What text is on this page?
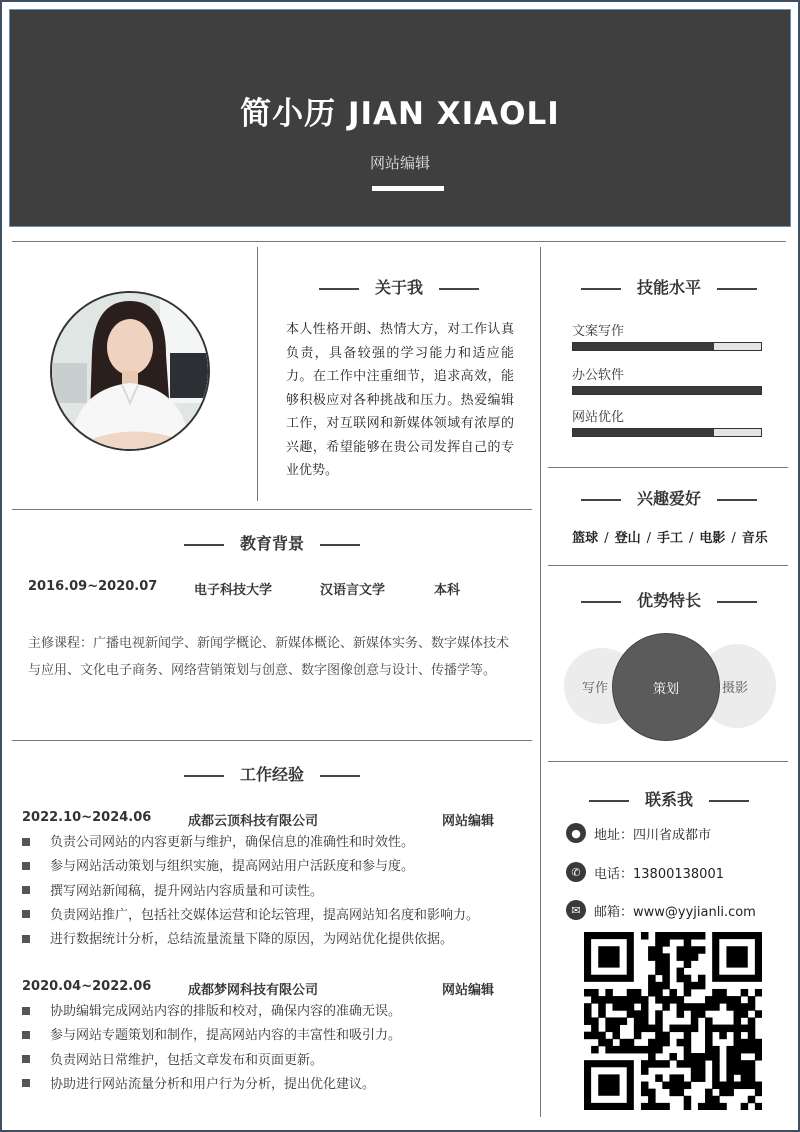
简小历 JIAN XIAOLI
网站编辑
关于我
本人性格开朗、热情大方，对工作认真负责，具备较强的学习能力和适应能力。在工作中注重细节，追求高效，能够积极应对各种挑战和压力。热爱编辑工作，对互联网和新媒体领域有浓厚的兴趣，希望能够在贵公司发挥自己的专业优势。
技能水平
文案写作
办公软件
网站优化
兴趣爱好
篮球 / 登山 / 手工 / 电影 / 音乐
优势特长
写作	摄影
策划
教育背景
2016.09~2020.07	电子科技大学	汉语言文学	本科
主修课程：广播电视新闻学、新闻学概论、新媒体概论、新媒体实务、数字媒体技术与应用、文化电子商务、网络营销策划与创意、数字图像创意与设计、传播学等。
工作经验
2022.10~2024.06	成都云顶科技有限公司	网站编辑
负责公司网站的内容更新与维护，确保信息的准确性和时效性。
参与网站活动策划与组织实施，提高网站用户活跃度和参与度。
撰写网站新闻稿，提升网站内容质量和可读性。
负责网站推广，包括社交媒体运营和论坛管理，提高网站知名度和影响力。
进行数据统计分析，总结流量流量下降的原因，为网站优化提供依据。
2020.04~2022.06	成都梦网科技有限公司	网站编辑
协助编辑完成网站内容的排版和校对，确保内容的准确无误。
参与网站专题策划和制作，提高网站内容的丰富性和吸引力。
负责网站日常维护，包括文章发布和页面更新。
协助进行网站流量分析和用户行为分析，提出优化建议。
联系我
●	地址：四川省成都市
✆	电话：13800138001
✉	邮箱：www@yyjianli.com
